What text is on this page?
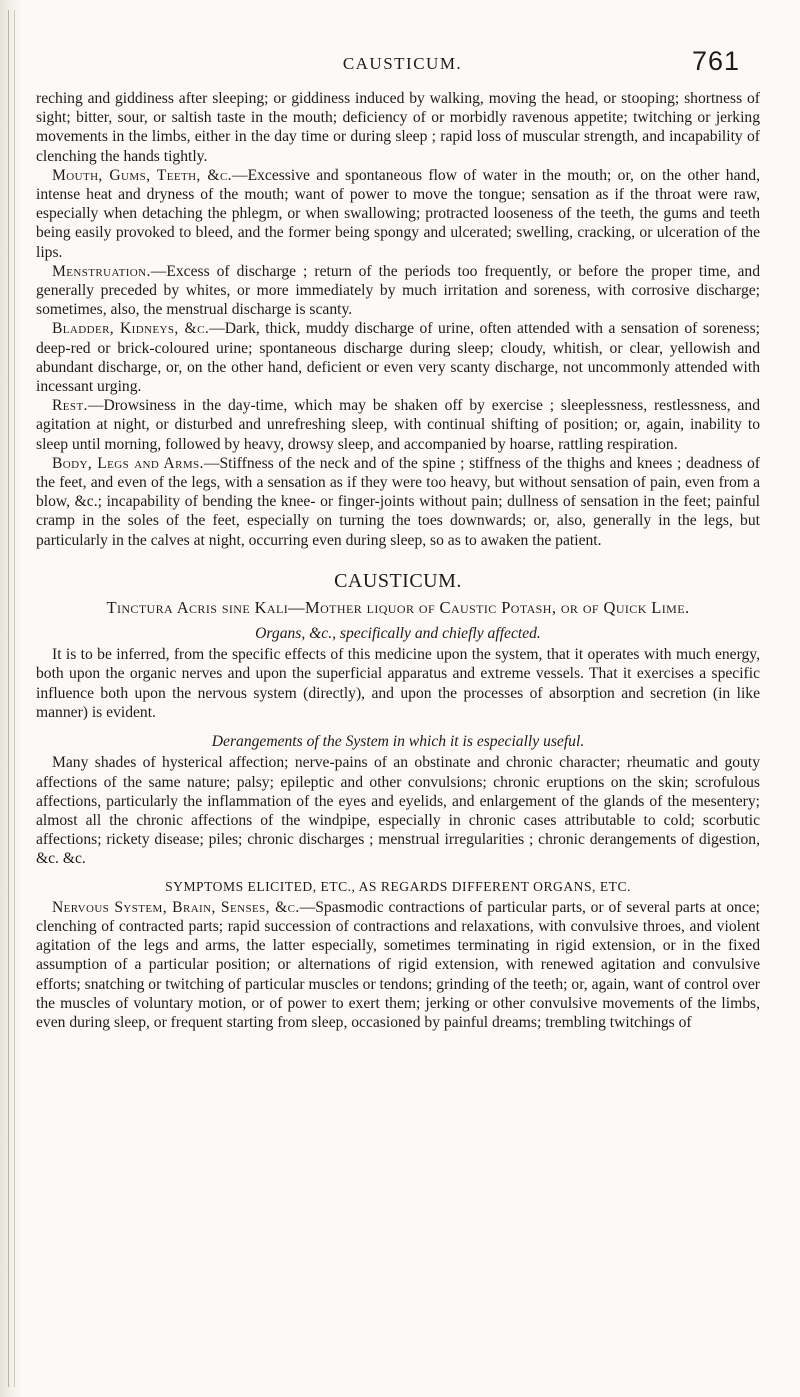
CAUSTICUM.	761

reching and giddiness after sleeping; or giddiness induced by walking, moving the head, or stooping; shortness of sight; bitter, sour, or saltish taste in the mouth; deficiency of or morbidly ravenous appetite; twitching or jerking movements in the limbs, either in the day time or during sleep ; rapid loss of muscular strength, and incapability of clenching the hands tightly.

Mouth, Gums, Teeth, &c.—Excessive and spontaneous flow of water in the mouth; or, on the other hand, intense heat and dryness of the mouth; want of power to move the tongue; sensation as if the throat were raw, especially when detaching the phlegm, or when swallowing; protracted looseness of the teeth, the gums and teeth being easily provoked to bleed, and the former being spongy and ulcerated; swelling, cracking, or ulceration of the lips.

Menstruation.—Excess of discharge ; return of the periods too frequently, or before the proper time, and generally preceded by whites, or more immediately by much irritation and soreness, with corrosive discharge; sometimes, also, the menstrual discharge is scanty.

Bladder, Kidneys, &c.—Dark, thick, muddy discharge of urine, often attended with a sensation of soreness; deep-red or brick-coloured urine; spontaneous discharge during sleep; cloudy, whitish, or clear, yellowish and abundant discharge, or, on the other hand, deficient or even very scanty discharge, not uncommonly attended with incessant urging.

Rest.—Drowsiness in the day-time, which may be shaken off by exercise ; sleeplessness, restlessness, and agitation at night, or disturbed and unrefreshing sleep, with continual shifting of position; or, again, inability to sleep until morning, followed by heavy, drowsy sleep, and accompanied by hoarse, rattling respiration.

Body, Legs and Arms.—Stiffness of the neck and of the spine ; stiffness of the thighs and knees ; deadness of the feet, and even of the legs, with a sensation as if they were too heavy, but without sensation of pain, even from a blow, &c.; incapability of bending the knee- or finger-joints without pain; dullness of sensation in the feet; painful cramp in the soles of the feet, especially on turning the toes downwards; or, also, generally in the legs, but particularly in the calves at night, occurring even during sleep, so as to awaken the patient.

CAUSTICUM.
Tinctura Acris sine Kali—Mother liquor of Caustic Potash, or of Quick Lime.
Organs, &c., specifically and chiefly affected.

It is to be inferred, from the specific effects of this medicine upon the system, that it operates with much energy, both upon the organic nerves and upon the superficial apparatus and extreme vessels. That it exercises a specific influence both upon the nervous system (directly), and upon the processes of absorption and secretion (in like manner) is evident.

Derangements of the System in which it is especially useful.

Many shades of hysterical affection; nerve-pains of an obstinate and chronic character; rheumatic and gouty affections of the same nature; palsy; epileptic and other convulsions; chronic eruptions on the skin; scrofulous affections, particularly the inflammation of the eyes and eyelids, and enlargement of the glands of the mesentery; almost all the chronic affections of the windpipe, especially in chronic cases attributable to cold; scorbutic affections; rickety disease; piles; chronic discharges ; menstrual irregularities ; chronic derangements of digestion, &c. &c.

SYMPTOMS ELICITED, ETC., AS REGARDS DIFFERENT ORGANS, ETC.

Nervous System, Brain, Senses, &c.—Spasmodic contractions of particular parts, or of several parts at once; clenching of contracted parts; rapid succession of contractions and relaxations, with convulsive throes, and violent agitation of the legs and arms, the latter especially, sometimes terminating in rigid extension, or in the fixed assumption of a particular position; or alternations of rigid extension, with renewed agitation and convulsive efforts; snatching or twitching of particular muscles or tendons; grinding of the teeth; or, again, want of control over the muscles of voluntary motion, or of power to exert them; jerking or other convulsive movements of the limbs, even during sleep, or frequent starting from sleep, occasioned by painful dreams; trembling twitchings of
